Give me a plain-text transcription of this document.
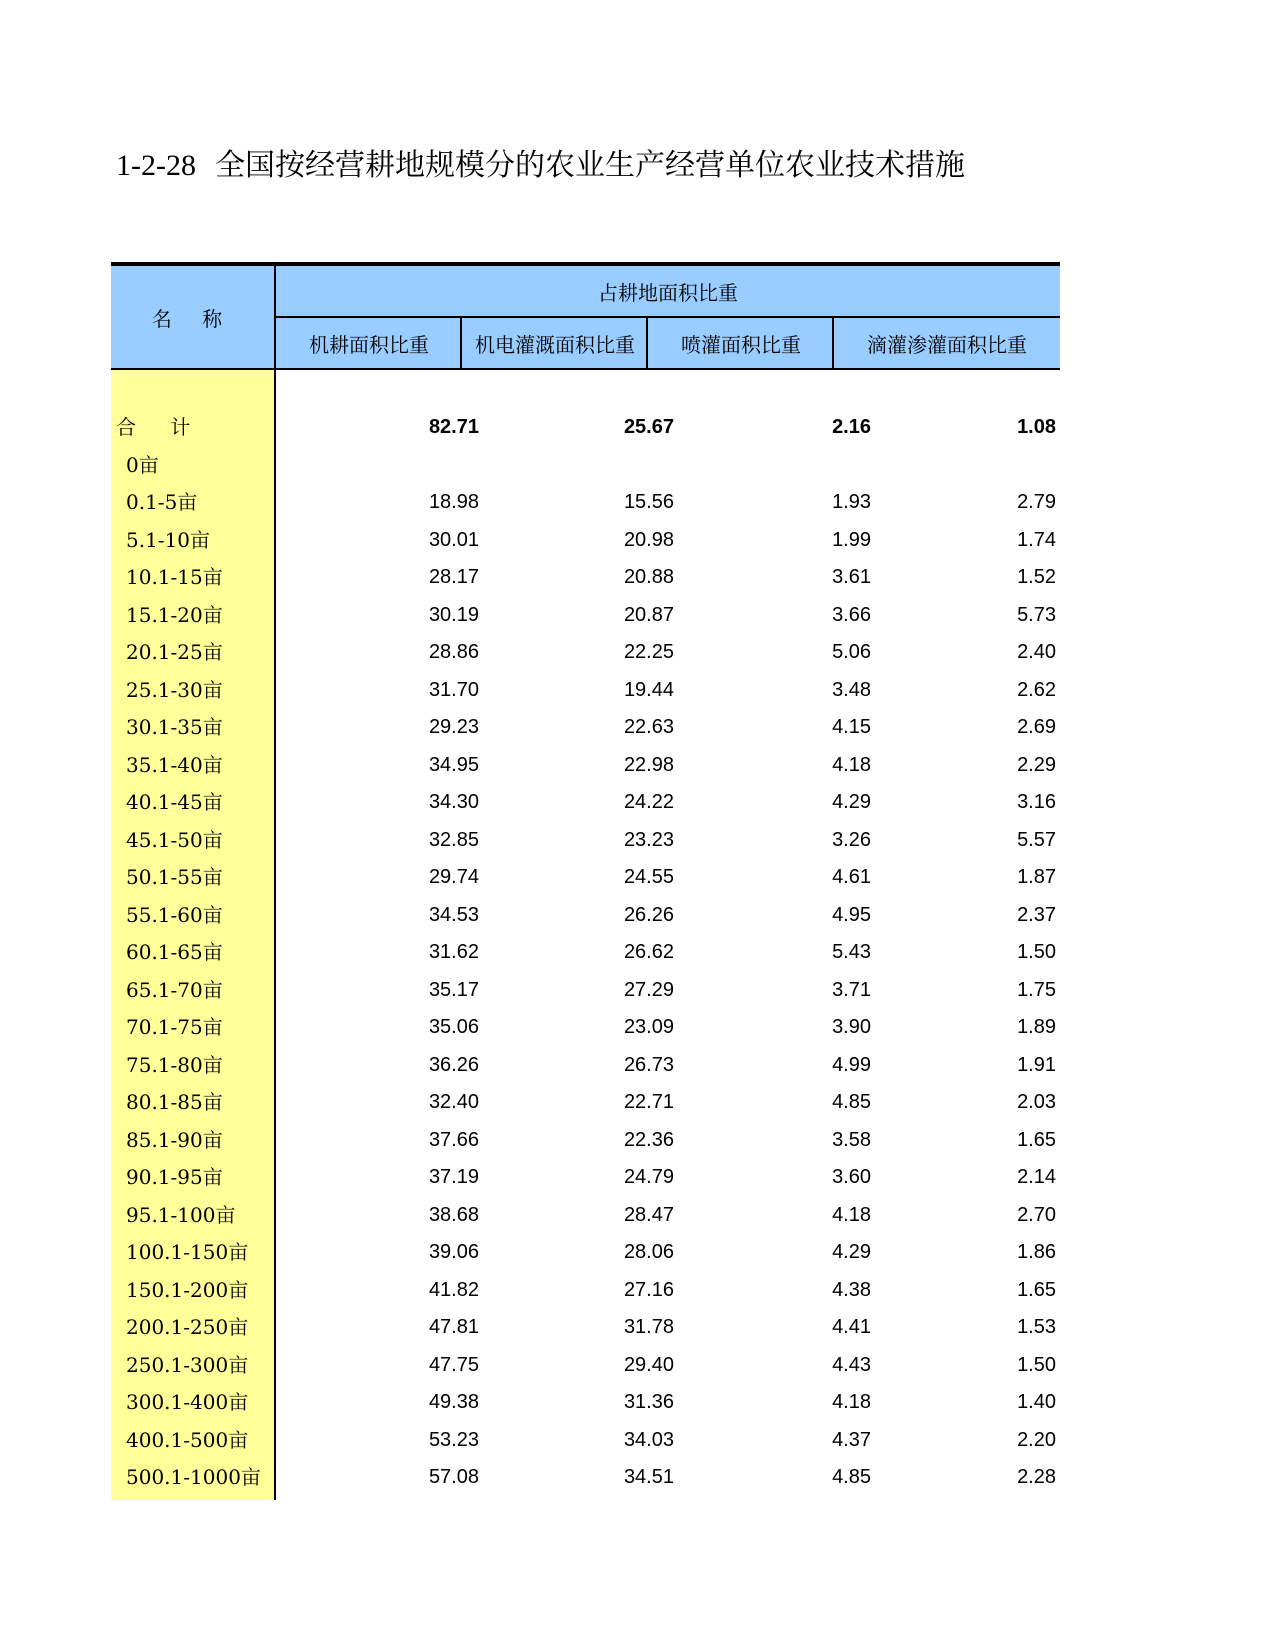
1-2-28 全国按经营耕地规模分的农业生产经营单位农业技术措施
名 称
占耕地面积比重
机耕面积比重	机电灌溉面积比重	喷灌面积比重	滴灌渗灌面积比重
合 计	82.71	25.67	2.16	1.08
0亩
0.1-5亩	18.98	15.56	1.93	2.79
5.1-10亩	30.01	20.98	1.99	1.74
10.1-15亩	28.17	20.88	3.61	1.52
15.1-20亩	30.19	20.87	3.66	5.73
20.1-25亩	28.86	22.25	5.06	2.40
25.1-30亩	31.70	19.44	3.48	2.62
30.1-35亩	29.23	22.63	4.15	2.69
35.1-40亩	34.95	22.98	4.18	2.29
40.1-45亩	34.30	24.22	4.29	3.16
45.1-50亩	32.85	23.23	3.26	5.57
50.1-55亩	29.74	24.55	4.61	1.87
55.1-60亩	34.53	26.26	4.95	2.37
60.1-65亩	31.62	26.62	5.43	1.50
65.1-70亩	35.17	27.29	3.71	1.75
70.1-75亩	35.06	23.09	3.90	1.89
75.1-80亩	36.26	26.73	4.99	1.91
80.1-85亩	32.40	22.71	4.85	2.03
85.1-90亩	37.66	22.36	3.58	1.65
90.1-95亩	37.19	24.79	3.60	2.14
95.1-100亩	38.68	28.47	4.18	2.70
100.1-150亩	39.06	28.06	4.29	1.86
150.1-200亩	41.82	27.16	4.38	1.65
200.1-250亩	47.81	31.78	4.41	1.53
250.1-300亩	47.75	29.40	4.43	1.50
300.1-400亩	49.38	31.36	4.18	1.40
400.1-500亩	53.23	34.03	4.37	2.20
500.1-1000亩	57.08	34.51	4.85	2.28
